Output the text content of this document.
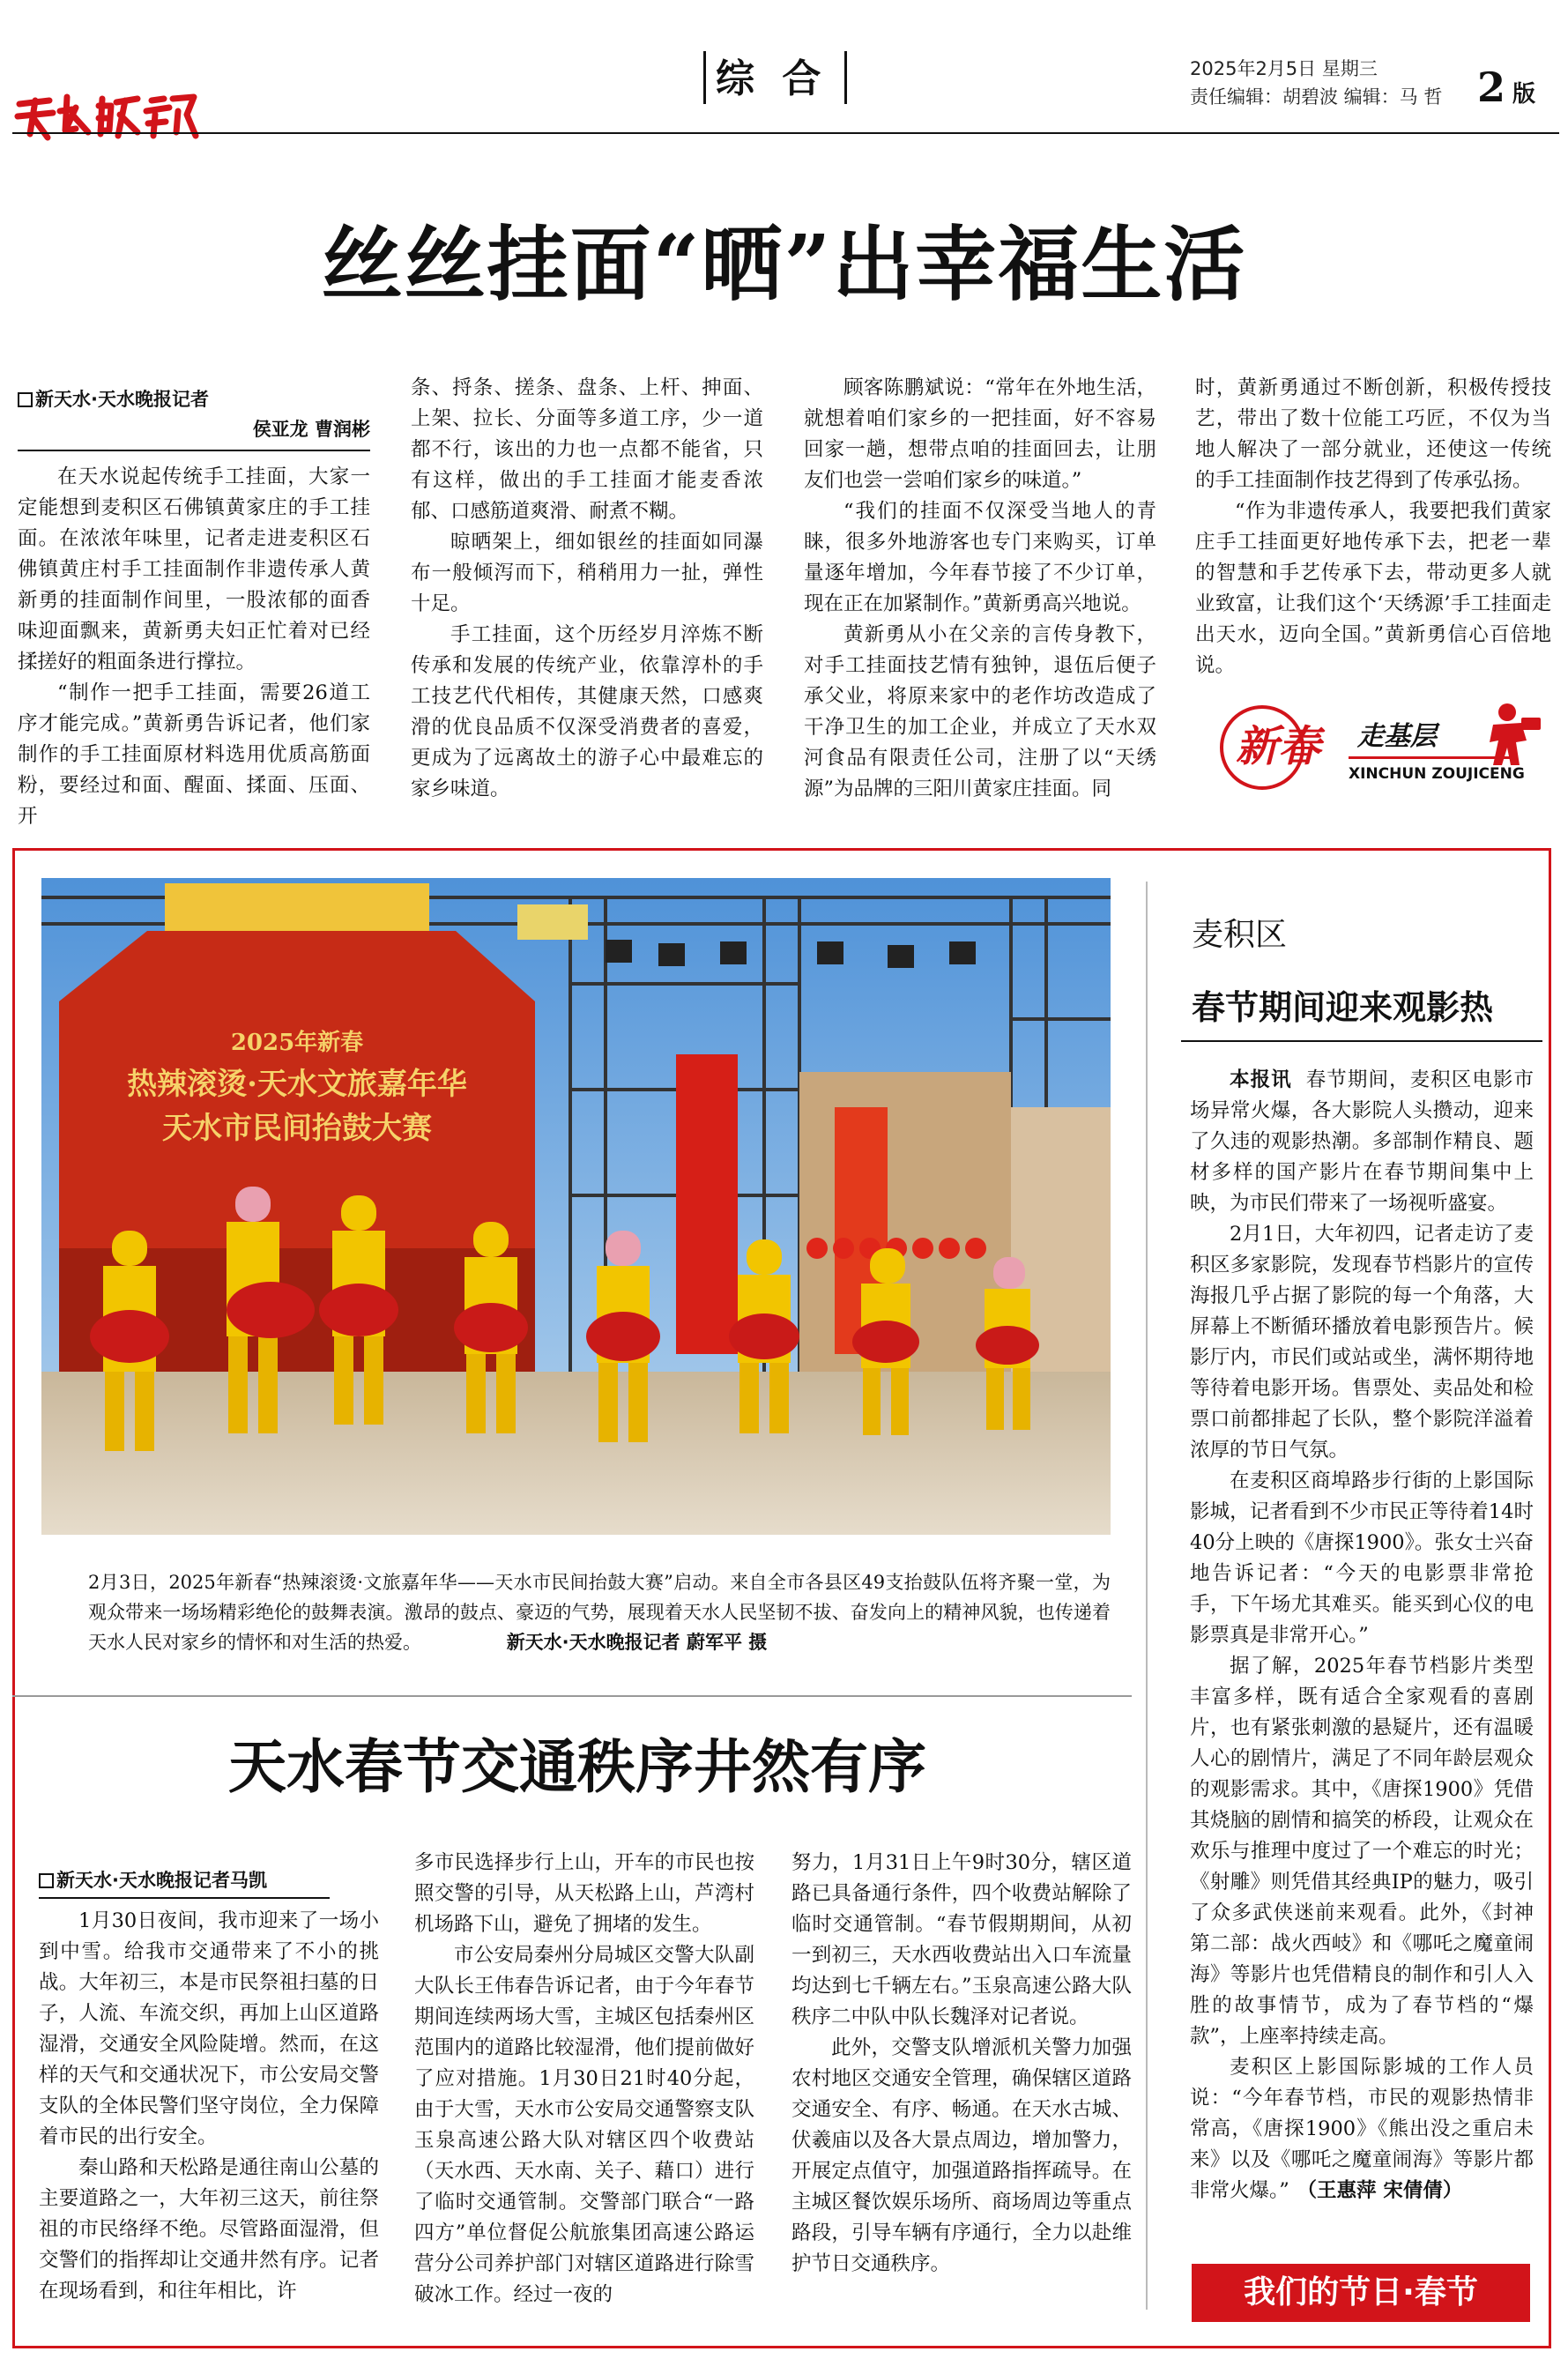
综 合	2025年2月5日 星期三
责任编辑：胡碧波 编辑：马 哲 2 版
丝丝挂面“晒”出幸福生活
新天水·天水晚报记者
侯亚龙 曹润彬

在天水说起传统手工挂面，大家一定能想到麦积区石佛镇黄家庄的手工挂面。在浓浓年味里，记者走进麦积区石佛镇黄庄村手工挂面制作非遗传承人黄新勇的挂面制作间里，一股浓郁的面香味迎面飘来，黄新勇夫妇正忙着对已经揉搓好的粗面条进行撑拉。

“制作一把手工挂面，需要26道工序才能完成。”黄新勇告诉记者，他们家制作的手工挂面原材料选用优质高筋面粉，要经过和面、醒面、揉面、压面、开

条、捋条、搓条、盘条、上杆、抻面、上架、拉长、分面等多道工序，少一道都不行，该出的力也一点都不能省，只有这样，做出的手工挂面才能麦香浓郁、口感筋道爽滑、耐煮不糊。

晾晒架上，细如银丝的挂面如同瀑布一般倾泻而下，稍稍用力一扯，弹性十足。

手工挂面，这个历经岁月淬炼不断传承和发展的传统产业，依靠淳朴的手工技艺代代相传，其健康天然，口感爽滑的优良品质不仅深受消费者的喜爱，更成为了远离故土的游子心中最难忘的家乡味道。

顾客陈鹏斌说：“常年在外地生活，就想着咱们家乡的一把挂面，好不容易回家一趟，想带点咱的挂面回去，让朋友们也尝一尝咱们家乡的味道。”

“我们的挂面不仅深受当地人的青睐，很多外地游客也专门来购买，订单量逐年增加，今年春节接了不少订单，现在正在加紧制作。”黄新勇高兴地说。

黄新勇从小在父亲的言传身教下，对手工挂面技艺情有独钟，退伍后便子承父业，将原来家中的老作坊改造成了干净卫生的加工企业，并成立了天水双河食品有限责任公司，注册了以“天绣源”为品牌的三阳川黄家庄挂面。同

时，黄新勇通过不断创新，积极传授技艺，带出了数十位能工巧匠，不仅为当地人解决了一部分就业，还使这一传统的手工挂面制作技艺得到了传承弘扬。

“作为非遗传承人，我要把我们黄家庄手工挂面更好地传承下去，把老一辈的智慧和手艺传承下去，带动更多人就业致富，让我们这个‘天绣源’手工挂面走出天水，迈向全国。”黄新勇信心百倍地说。

新春	走基层
XINCHUN ZOUJICENG
2025年新春
热辣滚烫·天水文旅嘉年华
天水市民间抬鼓大赛
2月3日，2025年新春“热辣滚烫·文旅嘉年华——天水市民间抬鼓大赛”启动。来自全市各县区49支抬鼓队伍将齐聚一堂，为观众带来一场场精彩绝伦的鼓舞表演。激昂的鼓点、豪迈的气势，展现着天水人民坚韧不拔、奋发向上的精神风貌，也传递着天水人民对家乡的情怀和对生活的热爱。	新天水·天水晚报记者 蔚军平 摄
天水春节交通秩序井然有序
新天水·天水晚报记者马凯

1月30日夜间，我市迎来了一场小到中雪。给我市交通带来了不小的挑战。大年初三，本是市民祭祖扫墓的日子，人流、车流交织，再加上山区道路湿滑，交通安全风险陡增。然而，在这样的天气和交通状况下，市公安局交警支队的全体民警们坚守岗位，全力保障着市民的出行安全。

秦山路和天松路是通往南山公墓的主要道路之一，大年初三这天，前往祭祖的市民络绎不绝。尽管路面湿滑，但交警们的指挥却让交通井然有序。记者在现场看到，和往年相比，许

多市民选择步行上山，开车的市民也按照交警的引导，从天松路上山，芦湾村机场路下山，避免了拥堵的发生。

市公安局秦州分局城区交警大队副大队长王伟春告诉记者，由于今年春节期间连续两场大雪，主城区包括秦州区范围内的道路比较湿滑，他们提前做好了应对措施。1月30日21时40分起，由于大雪，天水市公安局交通警察支队玉泉高速公路大队对辖区四个收费站（天水西、天水南、关子、藉口）进行了临时交通管制。交警部门联合“一路四方”单位督促公航旅集团高速公路运营分公司养护部门对辖区道路进行除雪破冰工作。经过一夜的

努力，1月31日上午9时30分，辖区道路已具备通行条件，四个收费站解除了临时交通管制。“春节假期期间，从初一到初三，天水西收费站出入口车流量均达到七千辆左右。”玉泉高速公路大队秩序二中队中队长魏泽对记者说。

此外，交警支队增派机关警力加强农村地区交通安全管理，确保辖区道路交通安全、有序、畅通。在天水古城、伏羲庙以及各大景点周边，增加警力，开展定点值守，加强道路指挥疏导。在主城区餐饮娱乐场所、商场周边等重点路段，引导车辆有序通行，全力以赴维护节日交通秩序。

麦积区
春节期间迎来观影热

本报讯 春节期间，麦积区电影市场异常火爆，各大影院人头攒动，迎来了久违的观影热潮。多部制作精良、题材多样的国产影片在春节期间集中上映，为市民们带来了一场视听盛宴。

2月1日，大年初四，记者走访了麦积区多家影院，发现春节档影片的宣传海报几乎占据了影院的每一个角落，大屏幕上不断循环播放着电影预告片。候影厅内，市民们或站或坐，满怀期待地等待着电影开场。售票处、卖品处和检票口前都排起了长队，整个影院洋溢着浓厚的节日气氛。

在麦积区商埠路步行街的上影国际影城，记者看到不少市民正等待着14时40分上映的《唐探1900》。张女士兴奋地告诉记者：“今天的电影票非常抢手，下午场尤其难买。能买到心仪的电影票真是非常开心。”

据了解，2025年春节档影片类型丰富多样，既有适合全家观看的喜剧片，也有紧张刺激的悬疑片，还有温暖人心的剧情片，满足了不同年龄层观众的观影需求。其中，《唐探1900》凭借其烧脑的剧情和搞笑的桥段，让观众在欢乐与推理中度过了一个难忘的时光；《射雕》则凭借其经典IP的魅力，吸引了众多武侠迷前来观看。此外，《封神第二部：战火西岐》和《哪吒之魔童闹海》等影片也凭借精良的制作和引人入胜的故事情节，成为了春节档的“爆款”，上座率持续走高。

麦积区上影国际影城的工作人员说：“今年春节档，市民的观影热情非常高，《唐探1900》《熊出没之重启未来》以及《哪吒之魔童闹海》等影片都非常火爆。” （王惠萍 宋倩倩）

我们的节日·春节
